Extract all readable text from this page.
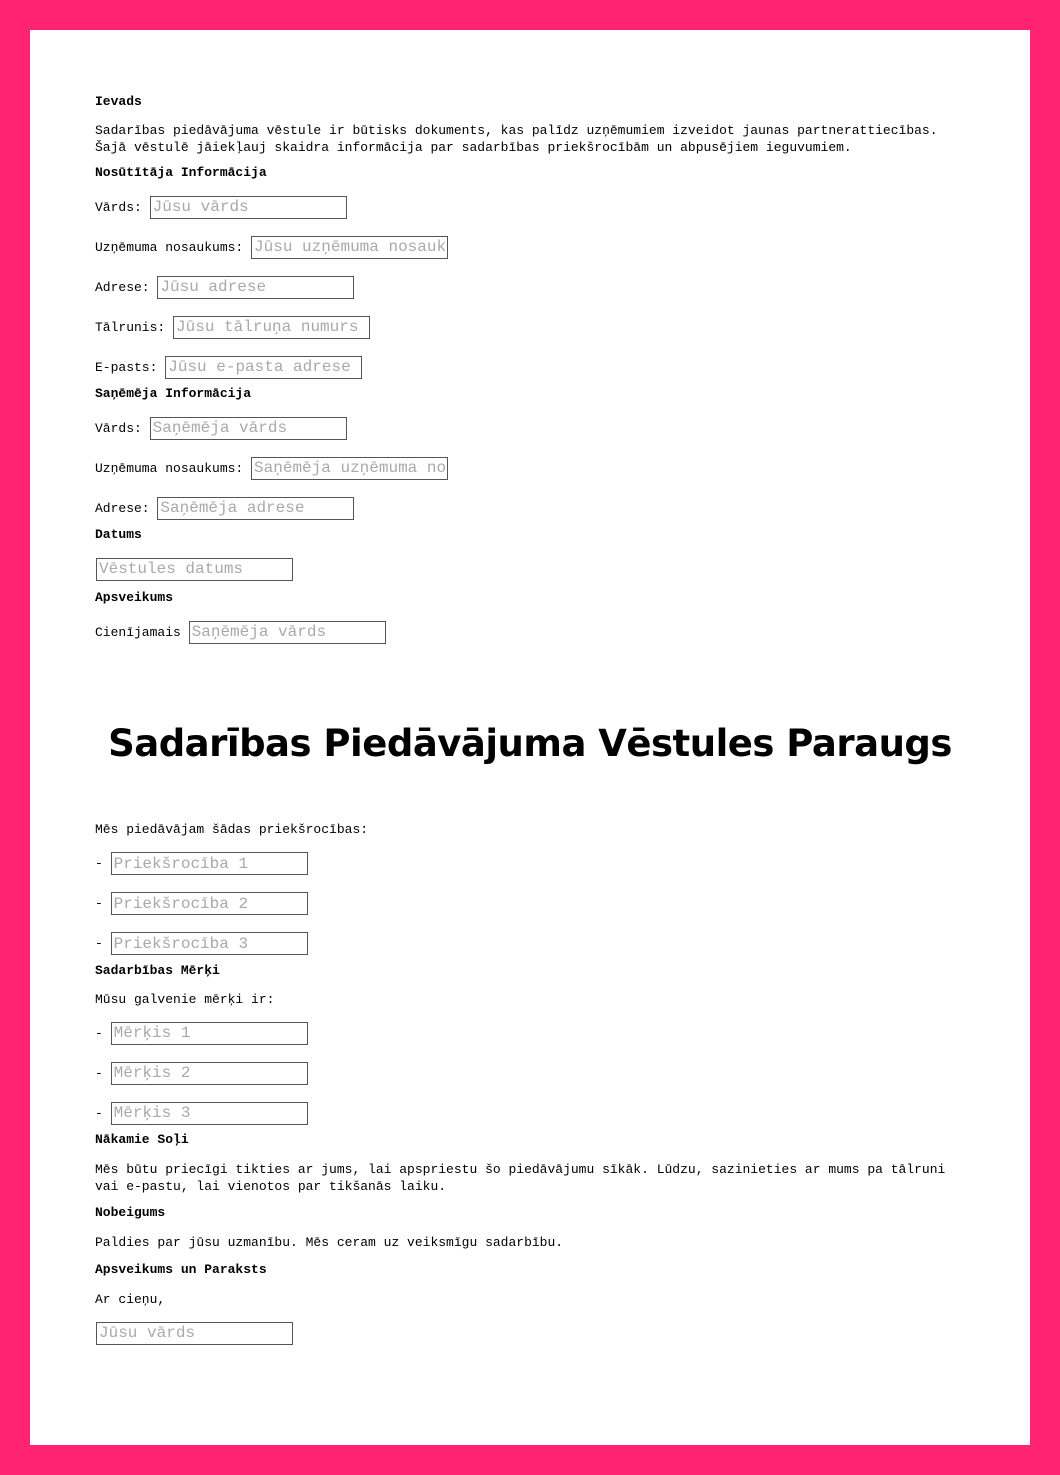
Ievads

Sadarības piedāvājuma vēstule ir būtisks dokuments, kas palīdz uzņēmumiem izveidot jaunas partnerattiecības. Šajā vēstulē jāiekļauj skaidra informācija par sadarbības priekšrocībām un abpusējiem ieguvumiem.

Nosūtītāja Informācija

Vārds:

Jūsu vārds
Uzņēmuma nosaukums:

Jūsu uzņēmuma nosaukums
Adrese:

Jūsu adrese
Tālrunis:

Jūsu tālruņa numurs
E-pasts:

Jūsu e-pasta adrese

Saņēmēja Informācija

Vārds:

Saņēmēja vārds
Uzņēmuma nosaukums:

Saņēmēja uzņēmuma nosaukums
Adrese:

Saņēmēja adrese

Datums

Vēstules datums

Apsveikums

Cienījamais

Saņēmēja vārds
Sadarības Piedāvājuma Vēstules Paraugs

Mēs piedāvājam šādas priekšrocības:

-

Priekšrocība 1
-

Priekšrocība 2
-

Priekšrocība 3

Sadarbības Mērķi

Mūsu galvenie mērķi ir:

-

Mērķis 1
-

Mērķis 2
-

Mērķis 3

Nākamie Soļi

Mēs būtu priecīgi tikties ar jums, lai apspriestu šo piedāvājumu sīkāk. Lūdzu, sazinieties ar mums pa tālruni vai e-pastu, lai vienotos par tikšanās laiku.

Nobeigums

Paldies par jūsu uzmanību. Mēs ceram uz veiksmīgu sadarbību.

Apsveikums un Paraksts

Ar cieņu,

Jūsu vārds
